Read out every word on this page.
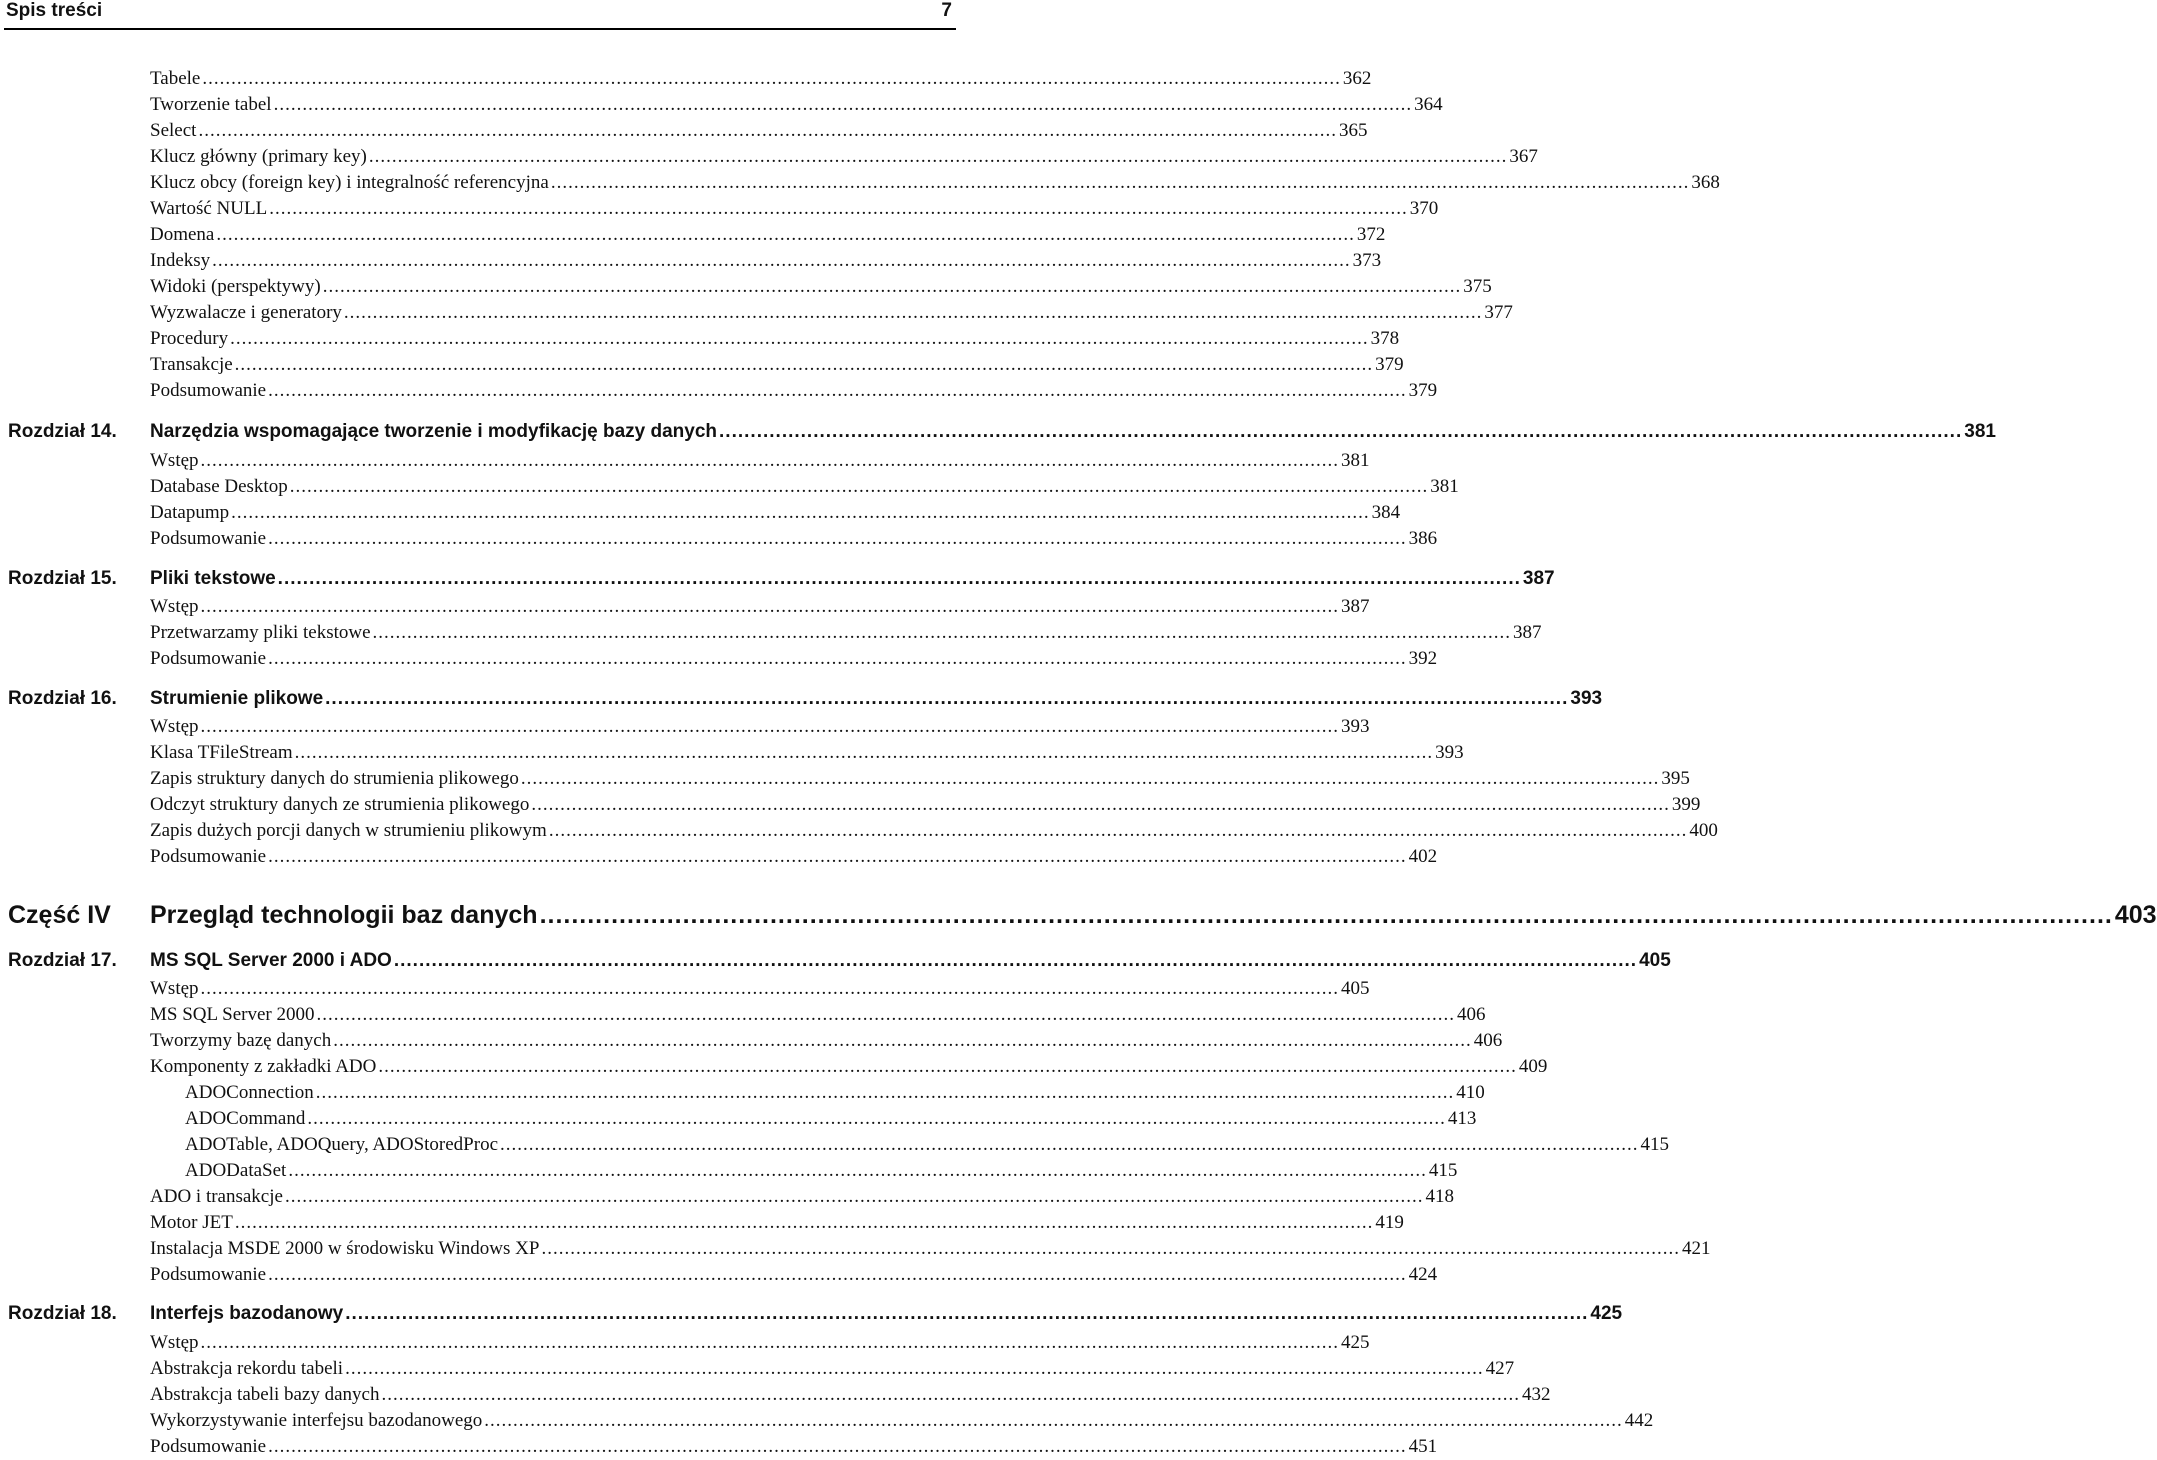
Spis treści	7
Tabele ...................................................................................................................................................................................................... 362
Tworzenie tabel ...................................................................................................................................................................................................... 364
Select ...................................................................................................................................................................................................... 365
Klucz główny (primary key) ...................................................................................................................................................................................................... 367
Klucz obcy (foreign key) i integralność referencyjna ...................................................................................................................................................................................................... 368
Wartość NULL ...................................................................................................................................................................................................... 370
Domena ...................................................................................................................................................................................................... 372
Indeksy ...................................................................................................................................................................................................... 373
Widoki (perspektywy) ...................................................................................................................................................................................................... 375
Wyzwalacze i generatory ...................................................................................................................................................................................................... 377
Procedury ...................................................................................................................................................................................................... 378
Transakcje ...................................................................................................................................................................................................... 379
Podsumowanie ...................................................................................................................................................................................................... 379
Rozdział 14. Narzędzia wspomagające tworzenie i modyfikację bazy danych ...................................................................................................................................................................................................... 381
Wstęp ...................................................................................................................................................................................................... 381
Database Desktop ...................................................................................................................................................................................................... 381
Datapump ...................................................................................................................................................................................................... 384
Podsumowanie ...................................................................................................................................................................................................... 386
Rozdział 15. Pliki tekstowe ...................................................................................................................................................................................................... 387
Wstęp ...................................................................................................................................................................................................... 387
Przetwarzamy pliki tekstowe ...................................................................................................................................................................................................... 387
Podsumowanie ...................................................................................................................................................................................................... 392
Rozdział 16. Strumienie plikowe ...................................................................................................................................................................................................... 393
Wstęp ...................................................................................................................................................................................................... 393
Klasa TFileStream ...................................................................................................................................................................................................... 393
Zapis struktury danych do strumienia plikowego ...................................................................................................................................................................................................... 395
Odczyt struktury danych ze strumienia plikowego ...................................................................................................................................................................................................... 399
Zapis dużych porcji danych w strumieniu plikowym ...................................................................................................................................................................................................... 400
Podsumowanie ...................................................................................................................................................................................................... 402
Część IV Przegląd technologii baz danych ...................................................................................................................................................................................................... 403
Rozdział 17. MS SQL Server 2000 i ADO ...................................................................................................................................................................................................... 405
Wstęp ...................................................................................................................................................................................................... 405
MS SQL Server 2000 ...................................................................................................................................................................................................... 406
Tworzymy bazę danych ...................................................................................................................................................................................................... 406
Komponenty z zakładki ADO ...................................................................................................................................................................................................... 409
ADOConnection ...................................................................................................................................................................................................... 410
ADOCommand ...................................................................................................................................................................................................... 413
ADOTable, ADOQuery, ADOStoredProc ...................................................................................................................................................................................................... 415
ADODataSet ...................................................................................................................................................................................................... 415
ADO i transakcje ...................................................................................................................................................................................................... 418
Motor JET ...................................................................................................................................................................................................... 419
Instalacja MSDE 2000 w środowisku Windows XP ...................................................................................................................................................................................................... 421
Podsumowanie ...................................................................................................................................................................................................... 424
Rozdział 18. Interfejs bazodanowy ...................................................................................................................................................................................................... 425
Wstęp ...................................................................................................................................................................................................... 425
Abstrakcja rekordu tabeli ...................................................................................................................................................................................................... 427
Abstrakcja tabeli bazy danych ...................................................................................................................................................................................................... 432
Wykorzystywanie interfejsu bazodanowego ...................................................................................................................................................................................................... 442
Podsumowanie ...................................................................................................................................................................................................... 451
